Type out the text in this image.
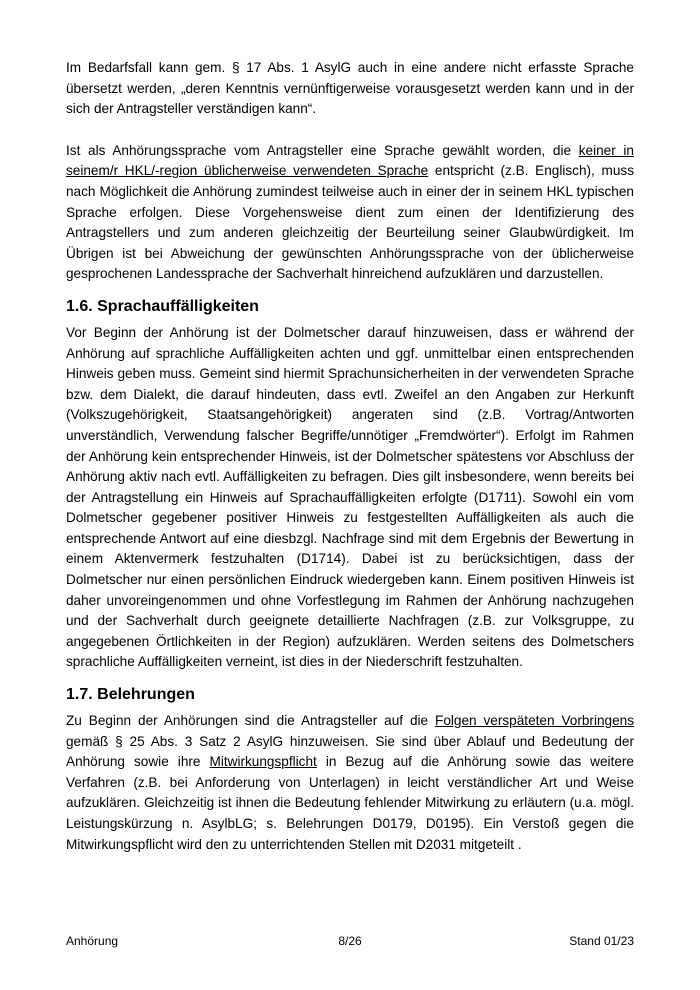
Im Bedarfsfall kann gem. § 17 Abs. 1 AsylG auch in eine andere nicht erfasste Sprache übersetzt werden, „deren Kenntnis vernünftigerweise vorausgesetzt werden kann und in der sich der Antragsteller verständigen kann“.

Ist als Anhörungssprache vom Antragsteller eine Sprache gewählt worden, die keiner in seinem/r HKL/-region üblicherweise verwendeten Sprache entspricht (z.B. Englisch), muss nach Möglichkeit die Anhörung zumindest teilweise auch in einer der in seinem HKL typischen Sprache erfolgen. Diese Vorgehensweise dient zum einen der Identifizierung des Antragstellers und zum anderen gleichzeitig der Beurteilung seiner Glaubwürdigkeit. Im Übrigen ist bei Abweichung der gewünschten Anhörungssprache von der üblicherweise gesprochenen Landessprache der Sachverhalt hinreichend aufzuklären und darzustellen.

1.6. Sprachauffälligkeiten

Vor Beginn der Anhörung ist der Dolmetscher darauf hinzuweisen, dass er während der Anhörung auf sprachliche Auffälligkeiten achten und ggf. unmittelbar einen entsprechenden Hinweis geben muss. Gemeint sind hiermit Sprachunsicherheiten in der verwendeten Sprache bzw. dem Dialekt, die darauf hindeuten, dass evtl. Zweifel an den Angaben zur Herkunft (Volkszugehörigkeit, Staatsangehörigkeit) angeraten sind (z.B. Vortrag/Antworten unverständlich, Verwendung falscher Begriffe/unnötiger „Fremdwörter“). Erfolgt im Rahmen der Anhörung kein entsprechender Hinweis, ist der Dolmetscher spätestens vor Abschluss der Anhörung aktiv nach evtl. Auffälligkeiten zu befragen. Dies gilt insbesondere, wenn bereits bei der Antragstellung ein Hinweis auf Sprachauffälligkeiten erfolgte (D1711). Sowohl ein vom Dolmetscher gegebener positiver Hinweis zu festgestellten Auffälligkeiten als auch die entsprechende Antwort auf eine diesbzgl. Nachfrage sind mit dem Ergebnis der Bewertung in einem Aktenvermerk festzuhalten (D1714). Dabei ist zu berücksichtigen, dass der Dolmetscher nur einen persönlichen Eindruck wiedergeben kann. Einem positiven Hinweis ist daher unvoreingenommen und ohne Vorfestlegung im Rahmen der Anhörung nachzugehen und der Sachverhalt durch geeignete detaillierte Nachfragen (z.B. zur Volksgruppe, zu angegebenen Örtlichkeiten in der Region) aufzuklären. Werden seitens des Dolmetschers sprachliche Auffälligkeiten verneint, ist dies in der Niederschrift festzuhalten.

1.7. Belehrungen

Zu Beginn der Anhörungen sind die Antragsteller auf die Folgen verspäteten Vorbringens gemäß § 25 Abs. 3 Satz 2 AsylG hinzuweisen. Sie sind über Ablauf und Bedeutung der Anhörung sowie ihre Mitwirkungspflicht in Bezug auf die Anhörung sowie das weitere Verfahren (z.B. bei Anforderung von Unterlagen) in leicht verständlicher Art und Weise aufzuklären. Gleichzeitig ist ihnen die Bedeutung fehlender Mitwirkung zu erläutern (u.a. mögl. Leistungskürzung n. AsylbLG; s. Belehrungen D0179, D0195). Ein Verstoß gegen die Mitwirkungspflicht wird den zu unterrichtenden Stellen mit D2031 mitgeteilt .

Anhörung	8/26	Stand 01/23
